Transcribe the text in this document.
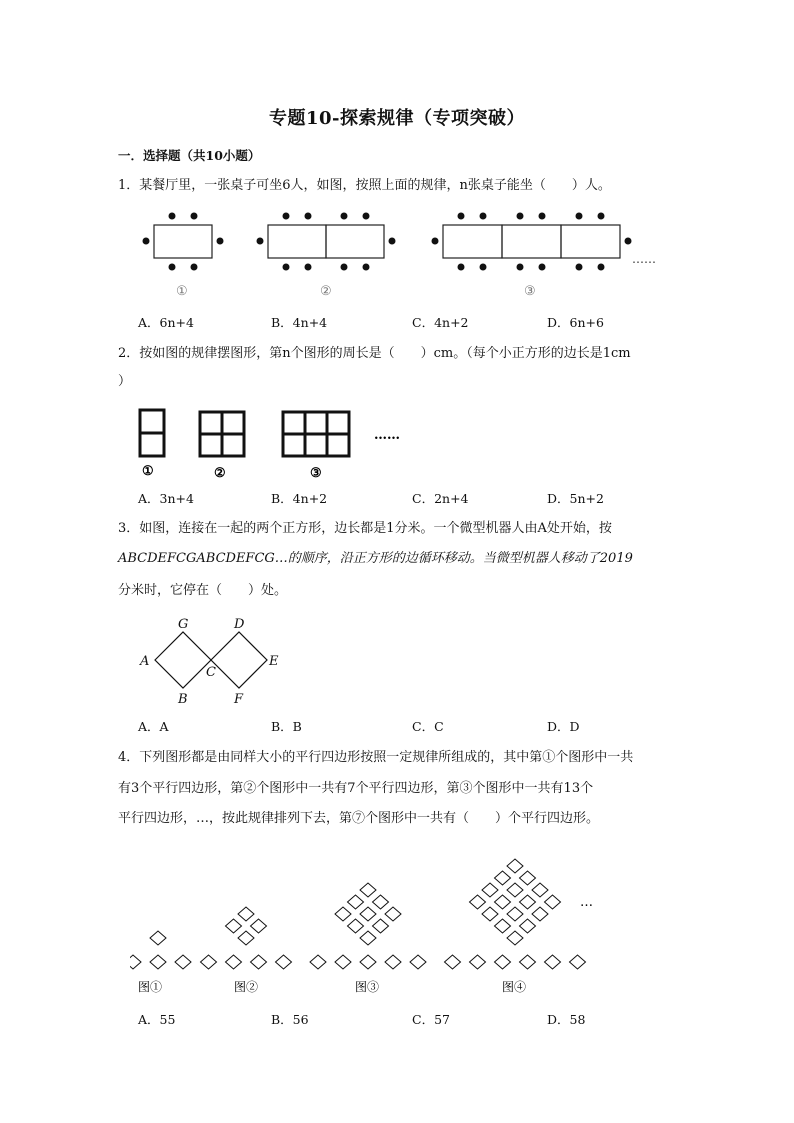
专题10-探索规律（专项突破）
一．选择题（共10小题）
1．某餐厅里，一张桌子可坐6人，如图，按照上面的规律，n张桌子能坐（　　）人。
①	②	③
……
A．6n+4	B．4n+4	C．4n+2	D．6n+6
2．按如图的规律摆图形，第n个图形的周长是（　　）cm。（每个小正方形的边长是1cm
）
①	②	③
……
A．3n+4	B．4n+2	C．2n+4	D．5n+2
3．如图，连接在一起的两个正方形，边长都是1分米。一个微型机器人由A处开始，按
ABCDEFCGABCDEFCG…的顺序，沿正方形的边循环移动。当微型机器人移动了2019
分米时，它停在（　　）处。
G	D
A
C
E
B	F
A．A	B．B	C．C	D．D
4．下列图形都是由同样大小的平行四边形按照一定规律所组成的，其中第①个图形中一共
有3个平行四边形，第②个图形中一共有7个平行四边形，第③个图形中一共有13个
平行四边形，…，按此规律排列下去，第⑦个图形中一共有（　　）个平行四边形。
图①	图②	图③	图④
…
A．55	B．56	C．57	D．58
